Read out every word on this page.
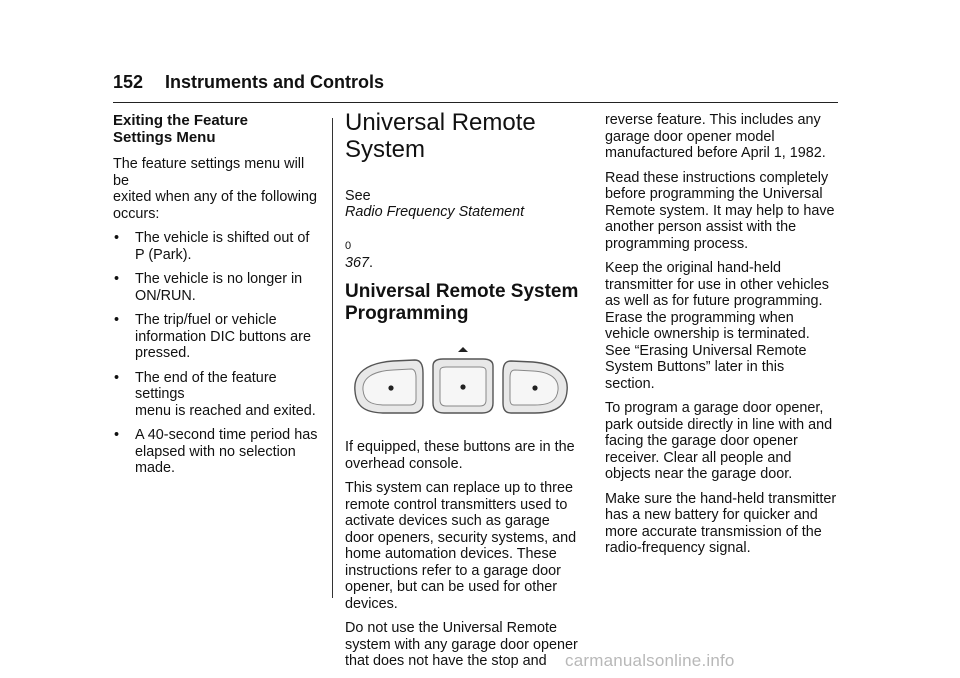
152 Instruments and Controls
Exiting the Feature
Settings Menu

The feature settings menu will be
exited when any of the following
occurs:

•	The vehicle is shifted out of
P (Park).
•	The vehicle is no longer in
ON/RUN.
•	The trip/fuel or vehicle
information DIC buttons are
pressed.
•	The end of the feature settings
menu is reached and exited.
•	A 40-second time period has
elapsed with no selection made.
Universal Remote
System

See
Radio Frequency Statement

0
367.

Universal Remote System
Programming

If equipped, these buttons are in the
overhead console.

This system can replace up to three
remote control transmitters used to
activate devices such as garage
door openers, security systems, and
home automation devices. These
instructions refer to a garage door
opener, but can be used for other
devices.

Do not use the Universal Remote
system with any garage door opener
that does not have the stop and

reverse feature. This includes any
garage door opener model
manufactured before April 1, 1982.

Read these instructions completely
before programming the Universal
Remote system. It may help to have
another person assist with the
programming process.

Keep the original hand-held
transmitter for use in other vehicles
as well as for future programming.
Erase the programming when
vehicle ownership is terminated.
See “Erasing Universal Remote
System Buttons” later in this
section.

To program a garage door opener,
park outside directly in line with and
facing the garage door opener
receiver. Clear all people and
objects near the garage door.

Make sure the hand-held transmitter
has a new battery for quicker and
more accurate transmission of the
radio-frequency signal.

carmanualsonline.info
